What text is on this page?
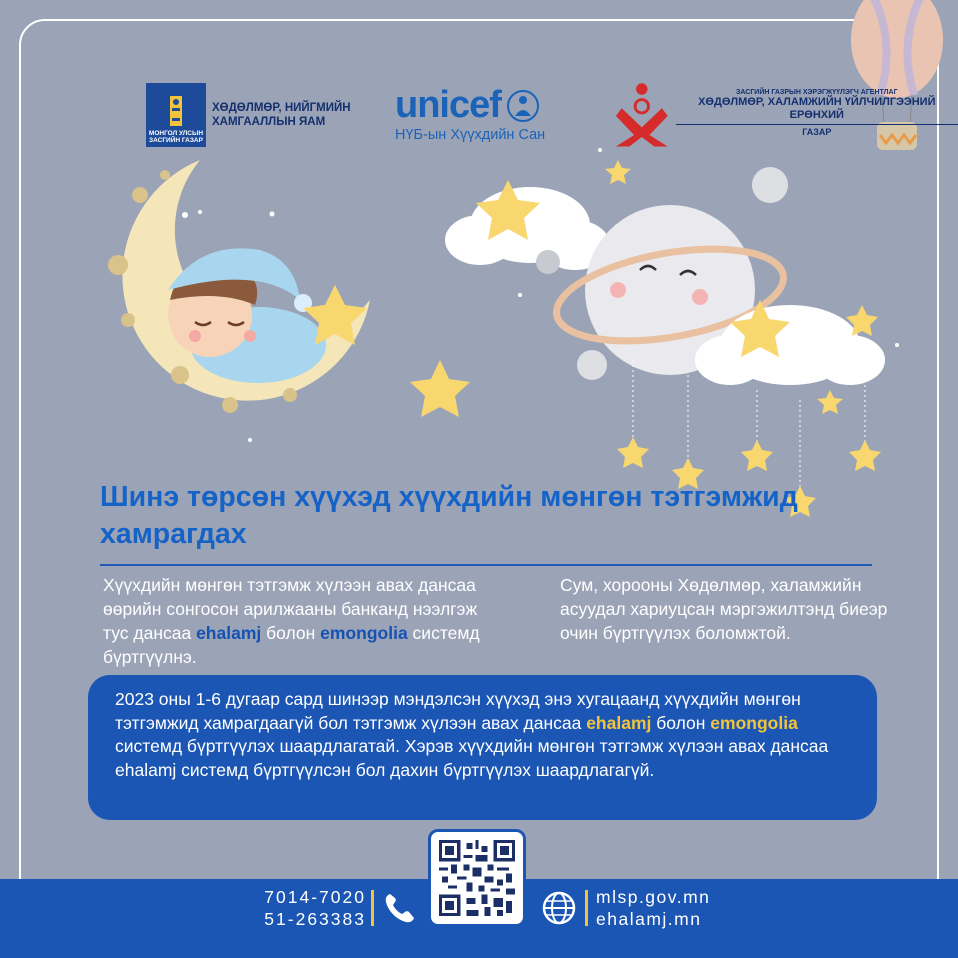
МОНГОЛ УЛСЫН ЗАСГИЙН ГАЗАР
ХӨДӨЛМӨР, НИЙГМИЙН ХАМГААЛЛЫН ЯАМ	unicef
НҮБ-ын Хүүхдийн Сан
ЗАСГИЙН ГАЗРЫН ХЭРЭГЖҮҮЛЭГЧ АГЕНТЛАГ
ХӨДӨЛМӨР, ХАЛАМЖИЙН ҮЙЛЧИЛГЭЭНИЙ ЕРӨНХИЙ
ГАЗАР
Шинэ төрсөн хүүхэд хүүхдийн мөнгөн тэтгэмжид хамрагдах
Хүүхдийн мөнгөн тэтгэмж хүлээн авах дансаа өөрийн сонгосон арилжааны банканд нээлгэж тус дансаа ehalamj болон emongolia системд бүртгүүлнэ.
Сум, хорооны Хөдөлмөр, халамжийн асуудал хариуцсан мэргэжилтэнд биеэр очин бүртгүүлэх боломжтой.
2023 оны 1-6 дугаар сард шинээр мэндэлсэн хүүхэд энэ хугацаанд хүүхдийн мөнгөн тэтгэмжид хамрагдаагүй бол тэтгэмж хүлээн авах дансаа ehalamj болон emongolia системд бүртгүүлэх шаардлагатай. Хэрэв хүүхдийн мөнгөн тэтгэмж хүлээн авах дансаа ehalamj системд бүртгүүлсэн бол дахин бүртгүүлэх шаардлагагүй.
7014-7020
51-263383
mlsp.gov.mn
ehalamj.mn
